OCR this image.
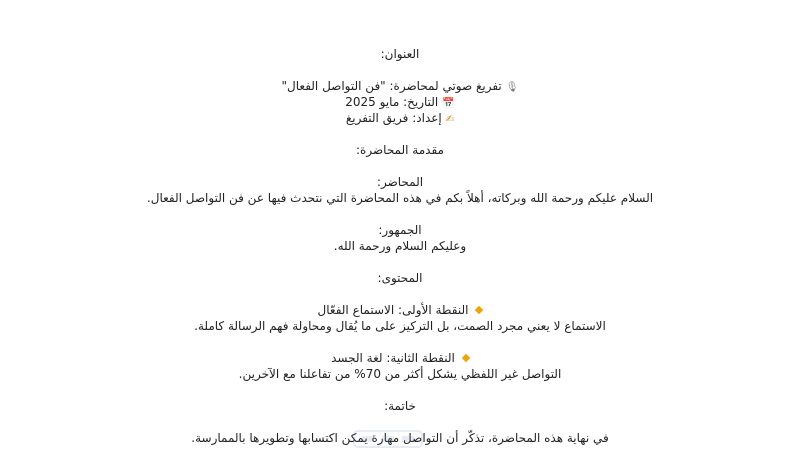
العنوان:
🎙تفريغ صوتي لمحاضرة: "فن التواصل الفعال"
📅التاريخ: مايو 2025
✍إعداد: فريق التفريغ
مقدمة المحاضرة:
المحاضر:
السلام عليكم ورحمة الله وبركاته، أهلاً بكم في هذه المحاضرة التي نتحدث فيها عن فن التواصل الفعال.
الجمهور:
وعليكم السلام ورحمة الله.
المحتوى:
النقطة الأولى: الاستماع الفعّال
الاستماع لا يعني مجرد الصمت، بل التركيز على ما يُقال ومحاولة فهم الرسالة كاملة.
النقطة الثانية: لغة الجسد
التواصل غير اللفظي يشكل أكثر من 70% من تفاعلنا مع الآخرين.
خاتمة:
في نهاية هذه المحاضرة، تذكّر أن التواصل مهارة يمكن اكتسابها وتطويرها بالممارسة.
